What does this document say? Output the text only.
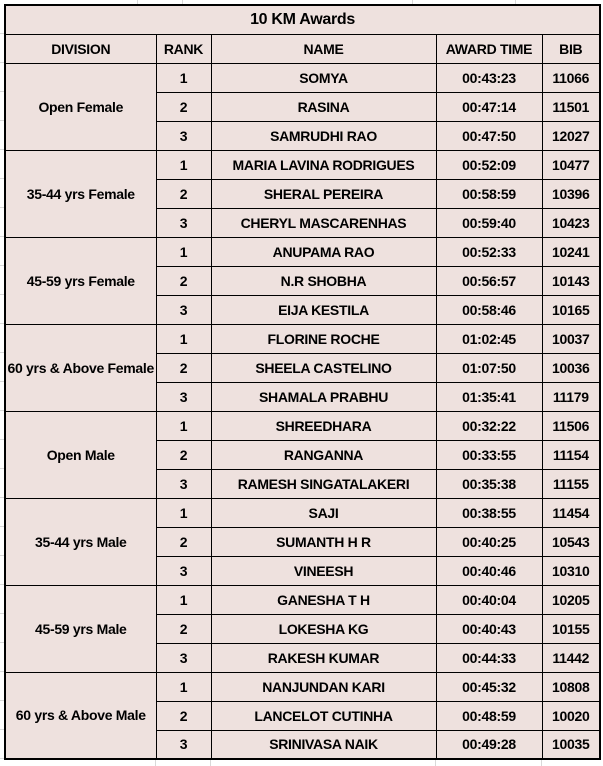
10 KM Awards				
DIVISION	RANK	NAME	AWARD TIME	BIB
Open Female	1	SOMYA	00:43:23	11066
	2	RASINA	00:47:14	11501
	3	SAMRUDHI RAO	00:47:50	12027
35-44 yrs Female	1	MARIA LAVINA RODRIGUES	00:52:09	10477
	2	SHERAL PEREIRA	00:58:59	10396
	3	CHERYL MASCARENHAS	00:59:40	10423
45-59 yrs Female	1	ANUPAMA RAO	00:52:33	10241
	2	N.R SHOBHA	00:56:57	10143
	3	EIJA KESTILA	00:58:46	10165
60 yrs & Above Female	1	FLORINE ROCHE	01:02:45	10037
	2	SHEELA CASTELINO	01:07:50	10036
	3	SHAMALA PRABHU	01:35:41	11179
Open Male	1	SHREEDHARA	00:32:22	11506
	2	RANGANNA	00:33:55	11154
	3	RAMESH SINGATALAKERI	00:35:38	11155
35-44 yrs Male	1	SAJI	00:38:55	11454
	2	SUMANTH H R	00:40:25	10543
	3	VINEESH	00:40:46	10310
45-59 yrs Male	1	GANESHA T H	00:40:04	10205
	2	LOKESHA KG	00:40:43	10155
	3	RAKESH KUMAR	00:44:33	11442
60 yrs & Above Male	1	NANJUNDAN KARI	00:45:32	10808
	2	LANCELOT CUTINHA	00:48:59	10020
	3	SRINIVASA NAIK	00:49:28	10035
